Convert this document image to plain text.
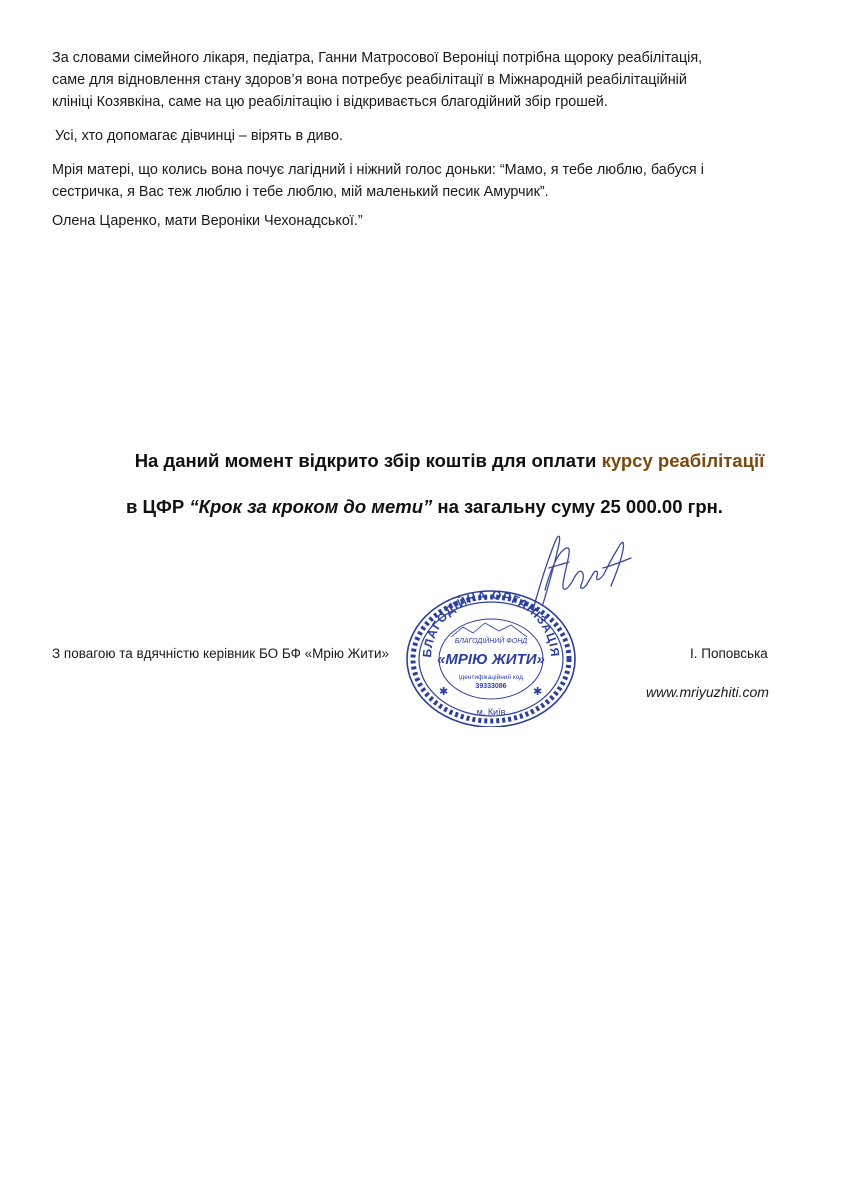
За словами сімейного лікаря, педіатра, Ганни Матросової Вероніці потрібна щороку реабілітація,
саме для відновлення стану здоров’я вона потребує реабілітації в Міжнародній реабілітаційній
клініці Козявкіна, саме на цю реабілітацію і відкривається благодійний збір грошей.

Усі, хто допомагає дівчинці – вірять в диво.

Мрія матері, що колись вона почує лагідний і ніжний голос доньки: “Мамо, я тебе люблю, бабуся і
сестричка, я Вас теж люблю і тебе люблю, мій маленький песик Амурчик”.

Олена Царенко, мати Вероніки Чехонадської.”

На даний момент відкрито збір коштів для оплати курсу реабілітації
в ЦФР “Крок за кроком до мети” на загальну суму 25 000.00 грн.
БЛАГОДІЙНА ОРГАНІЗАЦІЯ
БЛАГОДІЙНИЙ ФОНД
«МРІЮ ЖИТИ»
ідентифікаційний код
39333086
м. Київ
✱	✱
З повагою та вдячністю керівник БО БФ «Мрію Жити»	І. Поповська
www.mriyuzhiti.com
